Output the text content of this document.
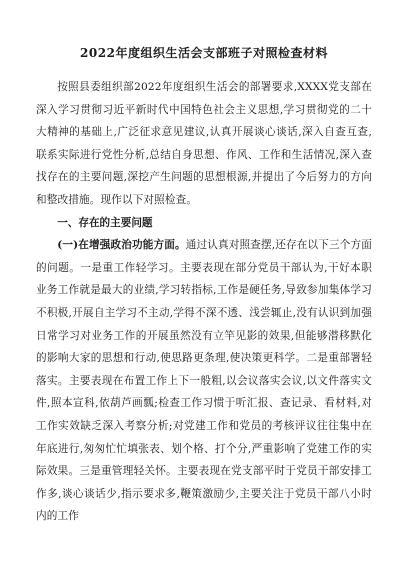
2022年度组织生活会支部班子对照检查材料

按照县委组织部2022年度组织生活会的部署要求,XXXX党支部在深入学习贯彻习近平新时代中国特色社会主义思想,学习贯彻党的二十大精神的基础上,广泛征求意见建议,认真开展谈心谈话,深入自查互查,联系实际进行党性分析,总结自身思想、作风、工作和生活情况,深入查找存在的主要问题,深挖产生问题的思想根源,并提出了今后努力的方向和整改措施。现作以下对照检查。

一、存在的主要问题

(一)在增强政治功能方面。通过认真对照查摆,还存在以下三个方面的问题。一是重工作轻学习。主要表现在部分党员干部认为,干好本职业务工作就是最大的业绩,学习转指标,工作是硬任务,导致参加集体学习不积极,开展自主学习不主动,学得不深不透、浅尝辄止,没有认识到加强日常学习对业务工作的开展虽然没有立竿见影的效果,但能够潜移默化的影响大家的思想和行动,使思路更条理,使决策更科学。二是重部署轻落实。主要表现在布置工作上下一般粗,以会议落实会议,以文件落实文件,照本宣科,依葫芦画瓢;检查工作习惯于听汇报、查记录、看材料,对工作实效缺乏深入考察分析;对党建工作和党员的考核评议往往集中在年底进行,匆匆忙忙填张表、划个格、打个分,严重影响了党建工作的实际效果。三是重管理轻关怀。主要表现在党支部平时于党员干部安排工作多,谈心谈话少,指示要求多,鞭策激励少,主要关注于党员干部八小时内的工作
